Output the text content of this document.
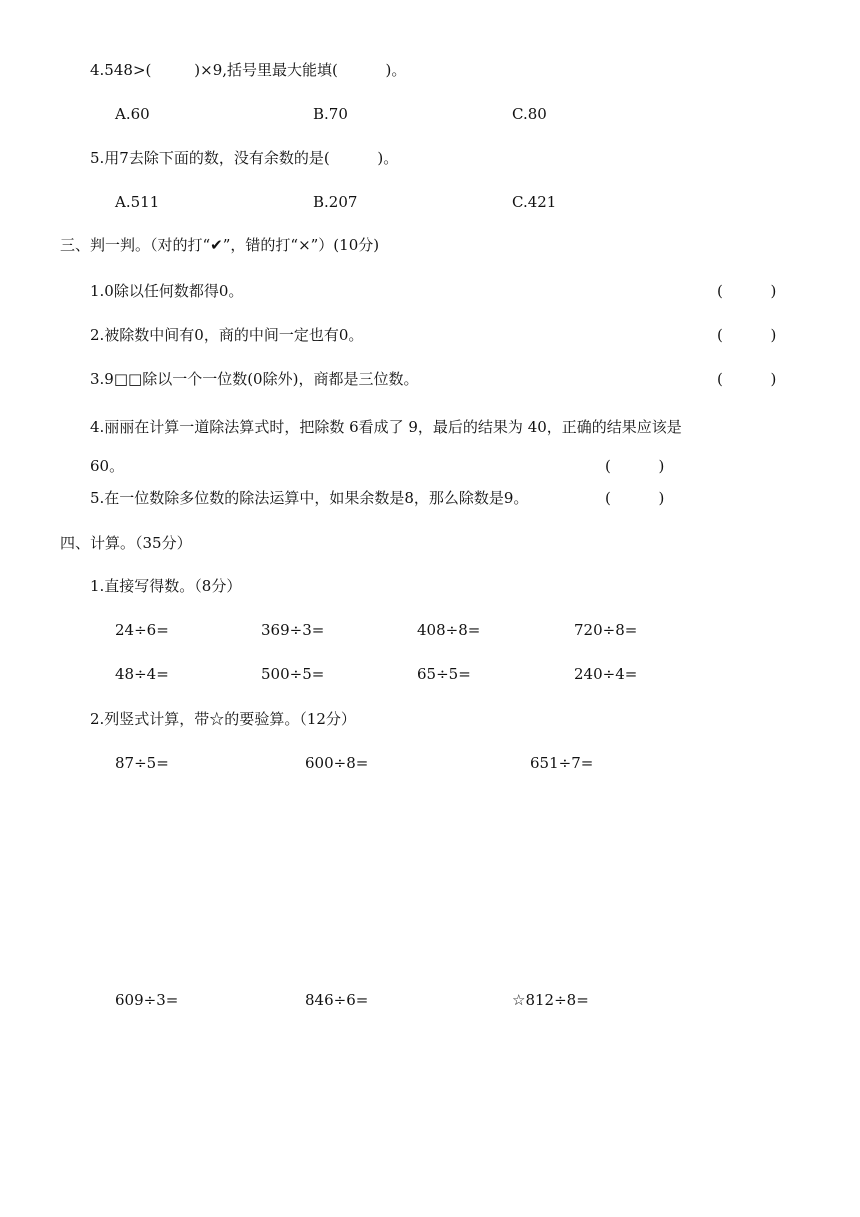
4.548>(         )×9,括号里最大能填(          )。
A.60	B.70	C.80
5.用7去除下面的数，没有余数的是(          )。
A.511	B.207	C.421
三、判一判。（对的打“✔”，错的打“×”）(10分)
1.0除以任何数都得0。	(          )
2.被除数中间有0，商的中间一定也有0。	(          )
3.9□□除以一个一位数(0除外)，商都是三位数。	(          )
4.丽丽在计算一道除法算式时，把除数 6看成了 9，最后的结果为 40，正确的结果应该是
60。	(          )
5.在一位数除多位数的除法运算中，如果余数是8，那么除数是9。	(          )
四、计算。（35分）
1.直接写得数。（8分）
24÷6=	369÷3=	408÷8=	720÷8=
48÷4=	500÷5=	65÷5=	240÷4=
2.列竖式计算，带☆的要验算。（12分）
87÷5=	600÷8=	651÷7=
609÷3=	846÷6=	☆812÷8=
